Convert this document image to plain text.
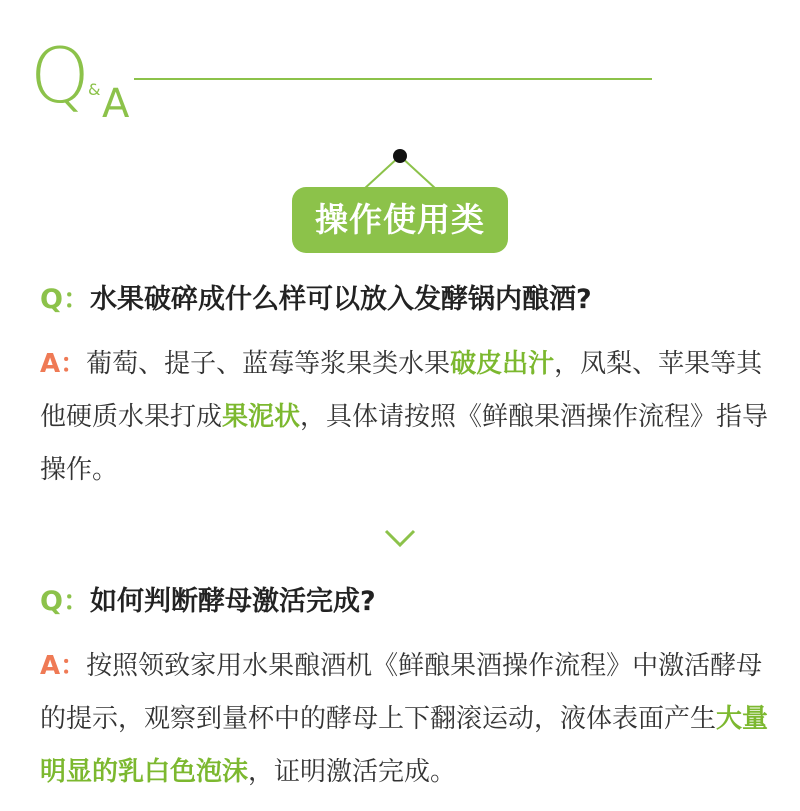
Q
& A
操作使用类
Q：水果破碎成什么样可以放入发酵锅内酿酒?
A：葡萄、提子、蓝莓等浆果类水果破皮出汁，凤梨、苹果等其他硬质水果打成果泥状，具体请按照《鲜酿果酒操作流程》指导操作。
Q：如何判断酵母激活完成?
A：按照领致家用水果酿酒机《鲜酿果酒操作流程》中激活酵母的提示，观察到量杯中的酵母上下翻滚运动，液体表面产生大量明显的乳白色泡沫，证明激活完成。
